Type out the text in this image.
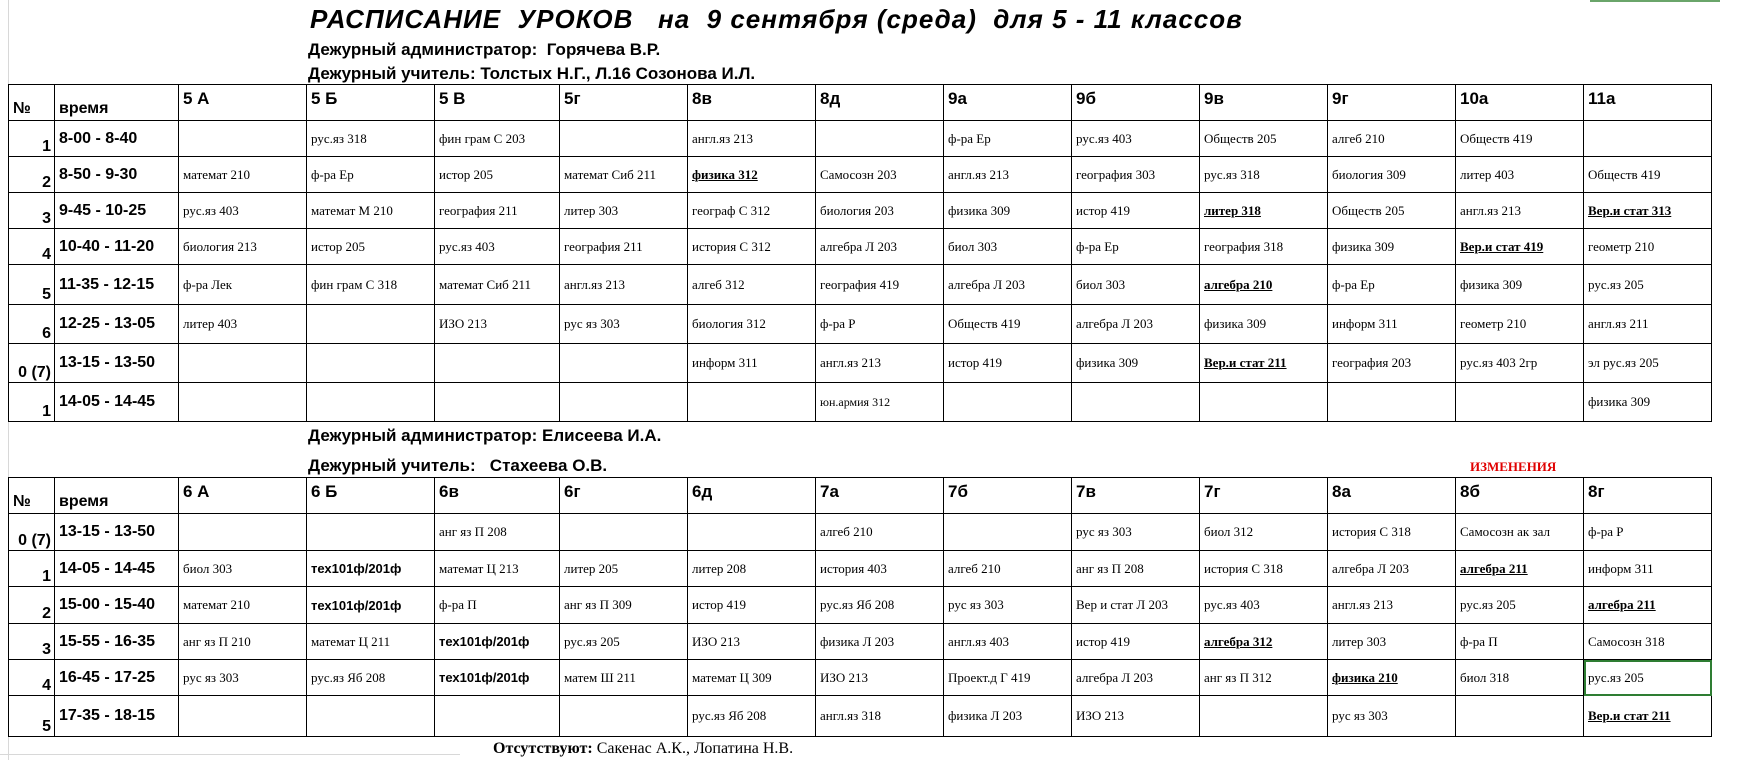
РАСПИСАНИЕ  УРОКОВ   на  9 сентября (среда)  для 5 - 11 классов
Дежурный администратор:  Горячева В.Р.
Дежурный учитель: Толстых Н.Г., Л.16 Созонова И.Л.
№	время	5 А	5 Б	5 В	5г	8в	8д	9а	9б	9в	9г	10а	11а
1	8-00 - 8-40		рус.яз 318	фин грам С 203		англ.яз 213		ф-ра Ер	рус.яз 403	Обществ 205	алгеб 210	Обществ 419	
2	8-50 - 9-30	математ 210	ф-ра Ер	истор 205	математ Сиб 211	физика 312	Самосозн 203	англ.яз 213	география 303	рус.яз 318	биология 309	литер 403	Обществ 419
3	9-45 - 10-25	рус.яз 403	математ М 210	география 211	литер 303	географ С 312	биология 203	физика 309	истор 419	литер 318	Обществ 205	англ.яз 213	Вер.и стат 313
4	10-40 - 11-20	биология 213	истор 205	рус.яз 403	география 211	история С 312	алгебра Л 203	биол 303	ф-ра Ер	география 318	физика 309	Вер.и стат 419	геометр 210
5	11-35 - 12-15	ф-ра Лек	фин грам С 318	математ Сиб 211	англ.яз 213	алгеб 312	география 419	алгебра Л 203	биол 303	алгебра 210	ф-ра Ер	физика 309	рус.яз 205
6	12-25 - 13-05	литер 403		ИЗО 213	рус яз 303	биология 312	ф-ра Р	Обществ 419	алгебра Л 203	физика 309	информ 311	геометр 210	англ.яз 211
0 (7)	13-15 - 13-50					информ 311	англ.яз 213	истор 419	физика 309	Вер.и стат 211	география 203	рус.яз 403 2гр	эл рус.яз 205
1	14-05 - 14-45						юн.армия 312						физика 309
Дежурный администратор: Елисеева И.А.
Дежурный учитель:   Стахеева О.В.	ИЗМЕНЕНИЯ
№	время	6 А	6 Б	6в	6г	6д	7а	7б	7в	7г	8а	8б	8г
0 (7)	13-15 - 13-50			анг яз П 208			алгеб 210		рус яз 303	биол 312	история С 318	Самосозн ак зал	ф-ра Р
1	14-05 - 14-45	биол 303	тех101ф/201ф	математ Ц 213	литер 205	литер 208	история 403	алгеб 210	анг яз П 208	история С 318	алгебра Л 203	алгебра 211	информ 311
2	15-00 - 15-40	математ 210	тех101ф/201ф	ф-ра П	анг яз П 309	истор 419	рус.яз Яб 208	рус яз 303	Вер и стат Л 203	рус.яз 403	англ.яз 213	рус.яз 205	алгебра 211
3	15-55 - 16-35	анг яз П 210	математ Ц 211	тех101ф/201ф	рус.яз 205	ИЗО 213	физика Л 203	англ.яз 403	истор 419	алгебра 312	литер 303	ф-ра П	Самосозн 318
4	16-45 - 17-25	рус яз 303	рус.яз Яб 208	тех101ф/201ф	матем Ш 211	математ Ц 309	ИЗО 213	Проект.д Г 419	алгебра Л 203	анг яз П 312	физика 210	биол 318	рус.яз 205
5	17-35 - 18-15					рус.яз Яб 208	англ.яз 318	физика Л 203	ИЗО 213		рус яз 303		Вер.и стат 211
Отсутствуют: Сакенас А.К., Лопатина Н.В.
